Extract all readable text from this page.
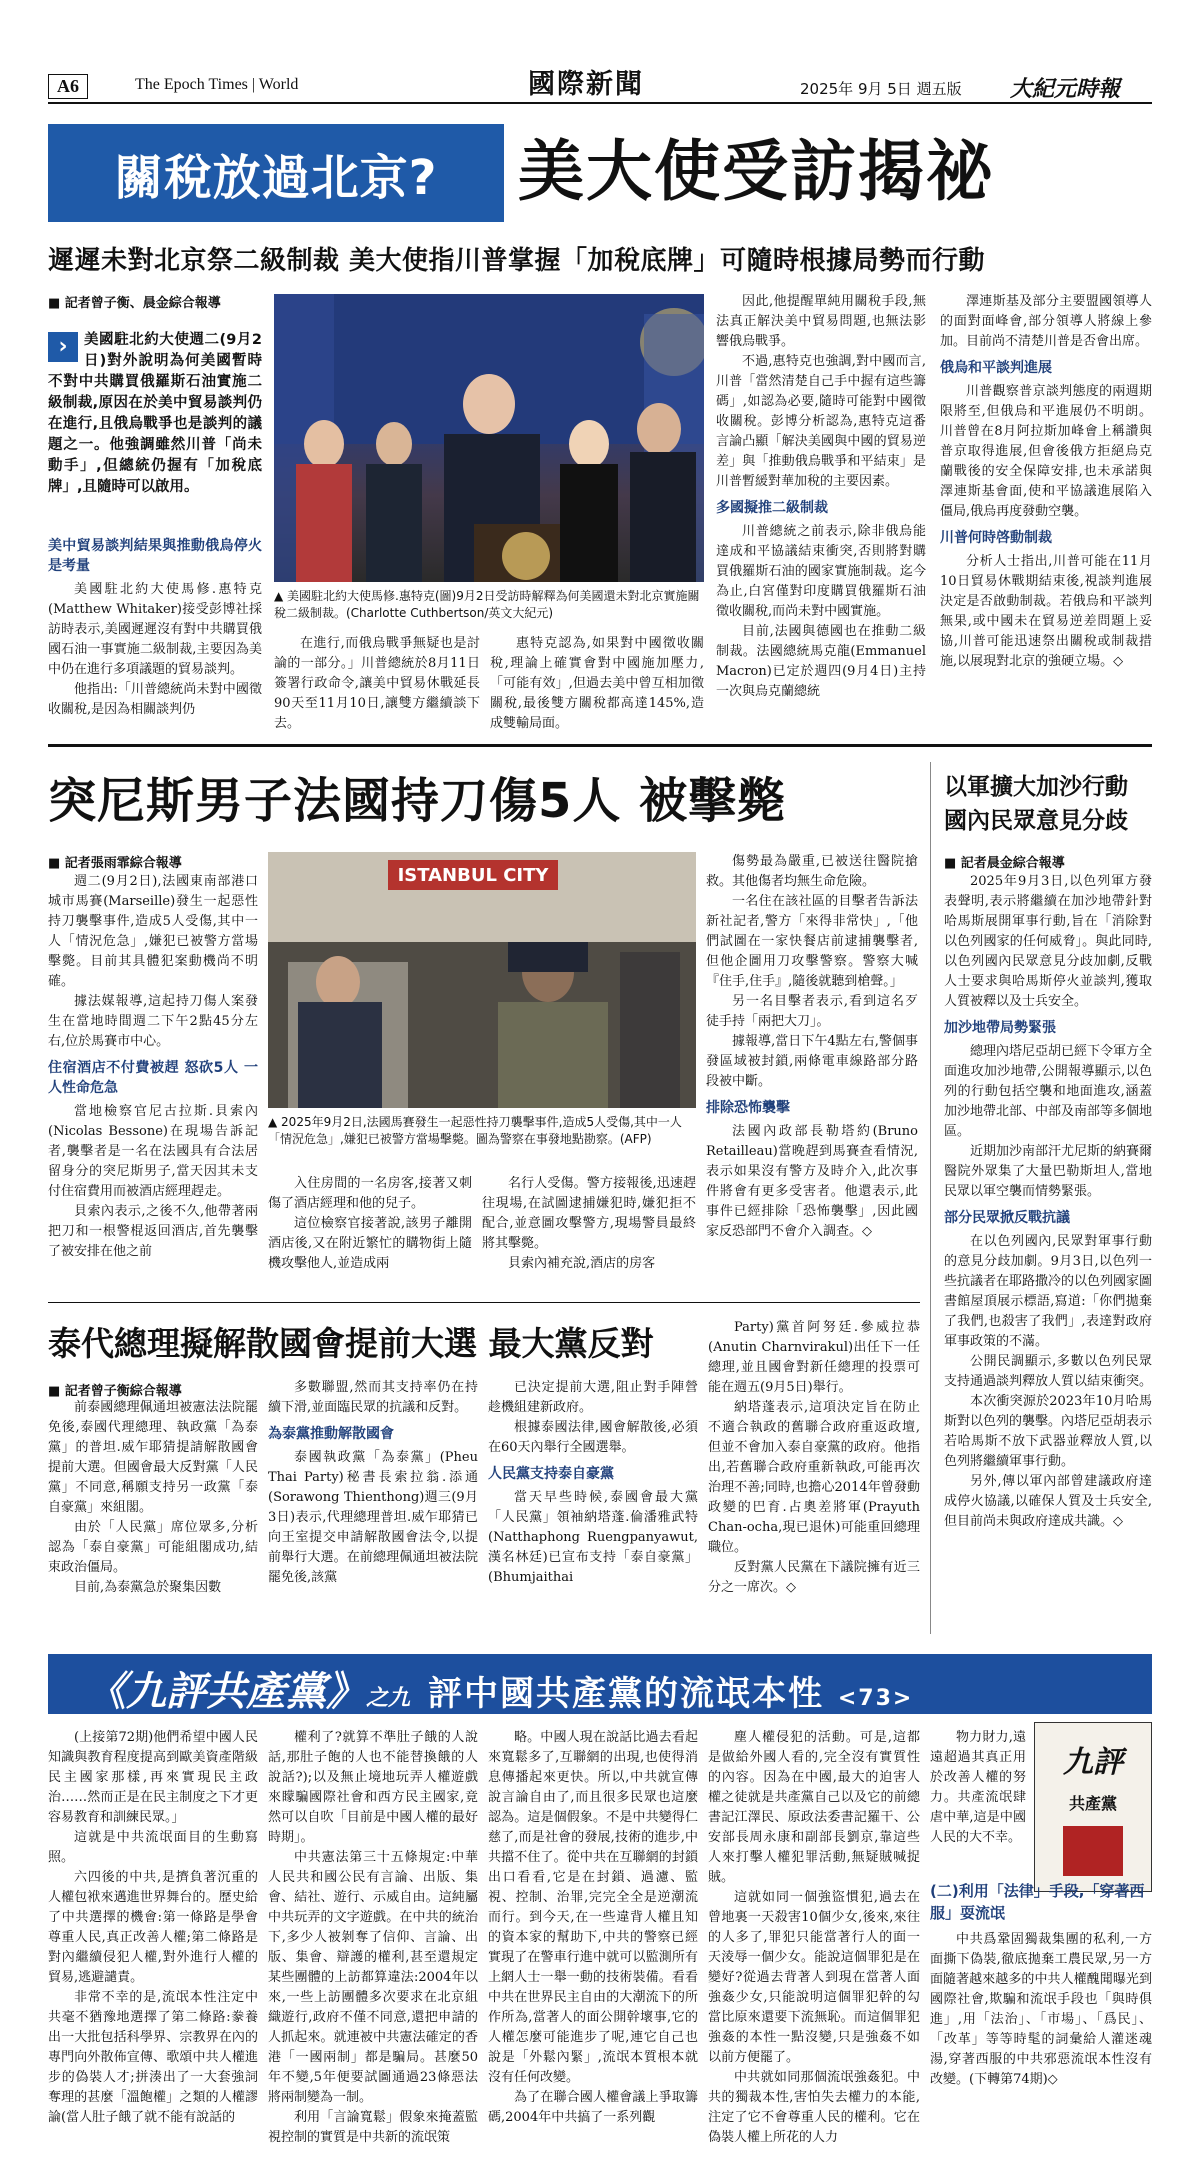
A6	The Epoch Times | World	國際新聞	2025年 9月 5日 週五版 大紀元時報
關稅放過北京?	美大使受訪揭祕
遲遲未對北京祭二級制裁 美大使指川普掌握「加稅底牌」可隨時根據局勢而行動
■ 記者曾子衡、晨金綜合報導
›	美國駐北約大使週二(9月2日)對外說明為何美國暫時不對中共購買俄羅斯石油實施二級制裁,原因在於美中貿易談判仍在進行,且俄烏戰爭也是談判的議題之一。他強調雖然川普「尚未動手」,但總統仍握有「加稅底牌」,且隨時可以啟用。
美中貿易談判結果與推動俄烏停火是考量

美國駐北約大使馬修.惠特克(Matthew Whitaker)接受彭博社採訪時表示,美國遲遲沒有對中共購買俄國石油一事實施二級制裁,主要因為美中仍在進行多項議題的貿易談判。

他指出:「川普總統尚未對中國徵收關稅,是因為相關談判仍

▲ 美國駐北約大使馬修.惠特克(圖)9月2日受訪時解釋為何美國還未對北京實施關稅二級制裁。(Charlotte Cuthbertson/英文大紀元)

在進行,而俄烏戰爭無疑也是討論的一部分。」川普總統於8月11日簽署行政命令,讓美中貿易休戰延長90天至11月10日,讓雙方繼續談下去。

惠特克認為,如果對中國徵收關稅,理論上確實會對中國施加壓力,「可能有效」,但過去美中曾互相加徵關稅,最後雙方關稅都高達145%,造成雙輸局面。

因此,他提醒單純用關稅手段,無法真正解決美中貿易問題,也無法影響俄烏戰爭。

不過,惠特克也強調,對中國而言,川普「當然清楚自己手中握有這些籌碼」,如認為必要,隨時可能對中國徵收關稅。彭博分析認為,惠特克這番言論凸顯「解決美國與中國的貿易逆差」與「推動俄烏戰爭和平結束」是川普暫緩對華加稅的主要因素。

多國擬推二級制裁

川普總統之前表示,除非俄烏能達成和平協議結束衝突,否則將對購買俄羅斯石油的國家實施制裁。迄今為止,白宮僅對印度購買俄羅斯石油徵收關稅,而尚未對中國實施。

目前,法國與德國也在推動二級制裁。法國總統馬克龍(Emmanuel Macron)已定於週四(9月4日)主持一次與烏克蘭總統

澤連斯基及部分主要盟國領導人的面對面峰會,部分領導人將線上參加。目前尚不清楚川普是否會出席。

俄烏和平談判進展

川普觀察普京談判態度的兩週期限將至,但俄烏和平進展仍不明朗。川普曾在8月阿拉斯加峰會上稱讚與普京取得進展,但會後俄方拒絕烏克蘭戰後的安全保障安排,也未承諾與澤連斯基會面,使和平協議進展陷入僵局,俄烏再度發動空襲。

川普何時啓動制裁

分析人士指出,川普可能在11月10日貿易休戰期結束後,視談判進展決定是否啟動制裁。若俄烏和平談判無果,或中國未在貿易逆差問題上妥協,川普可能迅速祭出關稅或制裁措施,以展現對北京的強硬立場。◇

突尼斯男子法國持刀傷5人 被擊斃
■ 記者張雨霏綜合報導

週二(9月2日),法國東南部港口城市馬賽(Marseille)發生一起惡性持刀襲擊事件,造成5人受傷,其中一人「情況危急」,嫌犯已被警方當場擊斃。目前其具體犯案動機尚不明確。

據法媒報導,這起持刀傷人案發生在當地時間週二下午2點45分左右,位於馬賽市中心。

住宿酒店不付費被趕 怒砍5人 一人性命危急

當地檢察官尼古拉斯.貝索內(Nicolas Bessone)在現場告訴記者,襲擊者是一名在法國具有合法居留身分的突尼斯男子,當天因其未支付住宿費用而被酒店經理趕走。

貝索內表示,之後不久,他帶著兩把刀和一根警棍返回酒店,首先襲擊了被安排在他之前

ISTANBUL CITY
▲ 2025年9月2日,法國馬賽發生一起惡性持刀襲擊事件,造成5人受傷,其中一人「情況危急」,嫌犯已被警方當場擊斃。圖為警察在事發地點勘察。(AFP)

入住房間的一名房客,接著又刺傷了酒店經理和他的兒子。

這位檢察官接著說,該男子離開酒店後,又在附近繁忙的購物街上隨機攻擊他人,並造成兩

名行人受傷。警方接報後,迅速趕往現場,在試圖逮捕嫌犯時,嫌犯拒不配合,並意圖攻擊警方,現場警員最終將其擊斃。

貝索內補充說,酒店的房客

傷勢最為嚴重,已被送往醫院搶救。其他傷者均無生命危險。

一名住在該社區的目擊者告訴法新社記者,警方「來得非常快」,「他們試圖在一家快餐店前逮捕襲擊者,但他企圖用刀攻擊警察。警察大喊『住手,住手』,隨後就聽到槍聲。」

另一名目擊者表示,看到這名歹徒手持「兩把大刀」。

據報導,當日下午4點左右,警個事發區域被封鎖,兩條電車線路部分路段被中斷。

排除恐怖襲擊

法國內政部長勒塔約(Bruno Retailleau)當晚趕到馬賽查看情況,表示如果沒有警方及時介入,此次事件將會有更多受害者。他還表示,此事件已經排除「恐怖襲擊」,因此國家反恐部門不會介入調查。◇

以軍擴大加沙行動 國內民眾意見分歧
■ 記者晨金綜合報導

2025年9月3日,以色列軍方發表聲明,表示將繼續在加沙地帶針對哈馬斯展開軍事行動,旨在「消除對以色列國家的任何威脅」。與此同時,以色列國內民眾意見分歧加劇,反戰人士要求與哈馬斯停火並談判,獲取人質被釋以及士兵安全。

加沙地帶局勢緊張

總理內塔尼亞胡已經下令軍方全面進攻加沙地帶,公開報導顯示,以色列的行動包括空襲和地面進攻,涵蓋加沙地帶北部、中部及南部等多個地區。

近期加沙南部汗尤尼斯的納賽爾醫院外眾集了大量巴勒斯坦人,當地民眾以軍空襲而情勢緊張。

部分民眾掀反戰抗議

在以色列國內,民眾對軍事行動的意見分歧加劇。9月3日,以色列一些抗議者在耶路撒冷的以色列國家圖書館屋頂展示標語,寫道:「你們拋棄了我們,也殺害了我們」,表達對政府軍事政策的不滿。

公開民調顯示,多數以色列民眾支持通過談判釋放人質以結束衝突。

本次衝突源於2023年10月哈馬斯對以色列的襲擊。內塔尼亞胡表示若哈馬斯不放下武器並釋放人質,以色列將繼續軍事行動。

另外,傳以軍內部曾建議政府達成停火協議,以確保人質及士兵安全,但目前尚未與政府達成共識。◇

泰代總理擬解散國會提前大選 最大黨反對
■ 記者曾子衡綜合報導

前泰國總理佩通坦被憲法法院罷免後,泰國代理總理、執政黨「為泰黨」的普坦.威乍耶猜提請解散國會提前大選。但國會最大反對黨「人民黨」不同意,稱願支持另一政黨「泰自豪黨」來組閣。

由於「人民黨」席位眾多,分析認為「泰自豪黨」可能組閣成功,結束政治僵局。

目前,為泰黨急於聚集因數

多數聯盟,然而其支持率仍在持續下滑,並面臨民眾的抗議和反對。

為泰黨推動解散國會

泰國執政黨「為泰黨」(Pheu Thai Party)秘書長索拉翁.添通(Sorawong Thienthong)週三(9月3日)表示,代理總理普坦.威乍耶猜已向王室提交申請解散國會法令,以提前舉行大選。在前總理佩通坦被法院罷免後,該黨

已決定提前大選,阻止對手陣營趁機組建新政府。

根據泰國法律,國會解散後,必須在60天內舉行全國選舉。

人民黨支持泰自豪黨

當天早些時候,泰國會最大黨「人民黨」領袖納塔蓬.倫潘雅武特(Natthaphong Ruengpanyawut,漢名林廷)已宣布支持「泰自豪黨」(Bhumjaithai

Party)黨首阿努廷.參威拉恭(Anutin Charnvirakul)出任下一任總理,並且國會對新任總理的投票可能在週五(9月5日)舉行。

納塔蓬表示,這項決定旨在防止不適合執政的舊聯合政府重返政壇,但並不會加入泰自豪黨的政府。他指出,若舊聯合政府重新執政,可能再次治理不善;同時,也擔心2014年曾發動政變的巴育.占奧差將軍(Prayuth Chan-ocha,現已退休)可能重回總理職位。

反對黨人民黨在下議院擁有近三分之一席次。◇

《九評共產黨》之九 評中國共產黨的流氓本性 <73>

(上接第72期)他們希望中國人民知識與教育程度提高到歐美資產階級民主國家那樣,再來實現民主政治……然而正是在民主制度之下才更容易教育和訓練民眾。」

這就是中共流氓面目的生動寫照。

六四後的中共,是擠負著沉重的人權包袱來邁進世界舞台的。歷史給了中共選擇的機會:第一條路是學會尊重人民,真正改善人權;第二條路是對內繼續侵犯人權,對外進行人權的貿易,逃避譴責。

非常不幸的是,流氓本性注定中共毫不猶豫地選擇了第二條路:豢養出一大批包括科學界、宗教界在內的專門向外散佈宣傳、歌頌中共人權進步的偽裝人才;拼湊出了一大套強詞奪理的甚麼「溫飽權」之類的人權謬論(當人肚子餓了就不能有說話的

權利了?就算不準肚子餓的人說話,那肚子飽的人也不能替換餓的人說話?);以及無止境地玩弄人權遊戲來矇騙國際社會和西方民主國家,竟然可以自吹「目前是中國人權的最好時期」。

中共憲法第三十五條規定:中華人民共和國公民有言論、出版、集會、結社、遊行、示威自由。這純屬中共玩弄的文字遊戲。在中共的統治下,多少人被剝奪了信仰、言論、出版、集會、辯護的權利,甚至還規定某些團體的上訪都算違法:2004年以來,一些上訪團體多次要求在北京組織遊行,政府不僅不同意,還把申請的人抓起來。就連被中共憲法確定的香港「一國兩制」都是騙局。甚麼50年不變,5年便要試圖通過23條惡法將兩制變為一制。

利用「言論寬鬆」假象來掩蓋監視控制的實質是中共新的流氓策

略。中國人現在說話比過去看起來寬鬆多了,互聯網的出現,也使得消息傳播起來更快。所以,中共就宣傳說言論自由了,而且很多民眾也這麼認為。這是個假象。不是中共變得仁慈了,而是社會的發展,技術的進步,中共擋不住了。從中共在互聯網的封鎖出口看看,它是在封鎖、過濾、監視、控制、治罪,完完全全是逆潮流而行。到今天,在一些違背人權且知的資本家的幫助下,中共的警察已經實現了在警車行進中就可以監測所有上網人士一舉一動的技術裝備。看看中共在世界民主自由的大潮流下的所作所為,當著人的面公開幹壞事,它的人權怎麼可能進步了呢,連它自己也說是「外鬆內緊」,流氓本質根本就沒有任何改變。

為了在聯合國人權會議上爭取籌碼,2004年中共搞了一系列觀

塵人權侵犯的活動。可是,這都是做給外國人看的,完全沒有實質性的內容。因為在中國,最大的迫害人權之徒就是共產黨自己以及它的前總書記江澤民、原政法委書記羅干、公安部長周永康和副部長劉京,靠這些人來打擊人權犯罪活動,無疑賊喊捉賊。

這就如同一個強盜慣犯,過去在曾地裏一天殺害10個少女,後來,來往的人多了,罪犯只能當著行人的面一天淩辱一個少女。能說這個罪犯是在變好?從過去背著人到現在當著人面強姦少女,只能說明這個罪犯幹的勾當比原來還要下流無恥。而這個罪犯強姦的本性一點沒變,只是強姦不如以前方便罷了。

中共就如同那個流氓強姦犯。中共的獨裁本性,害怕失去權力的本能,注定了它不會尊重人民的權利。它在偽裝人權上所花的人力

物力財力,遠遠超過其真正用於改善人權的努力。共產流氓肆虐中華,這是中國人民的大不幸。

九評
共產黨
(二)利用「法律」手段,「穿著西服」耍流氓

中共爲鞏固獨裁集團的私利,一方面撕下偽裝,徹底拋棄工農民眾,另一方面隨著越來越多的中共人權醜聞曝光到國際社會,欺騙和流氓手段也「與時俱進」,用「法治」、「市場」、「爲民」、「改革」等等時髦的詞彙給人灌迷魂湯,穿著西服的中共邪惡流氓本性沒有改變。(下轉第74期)◇
